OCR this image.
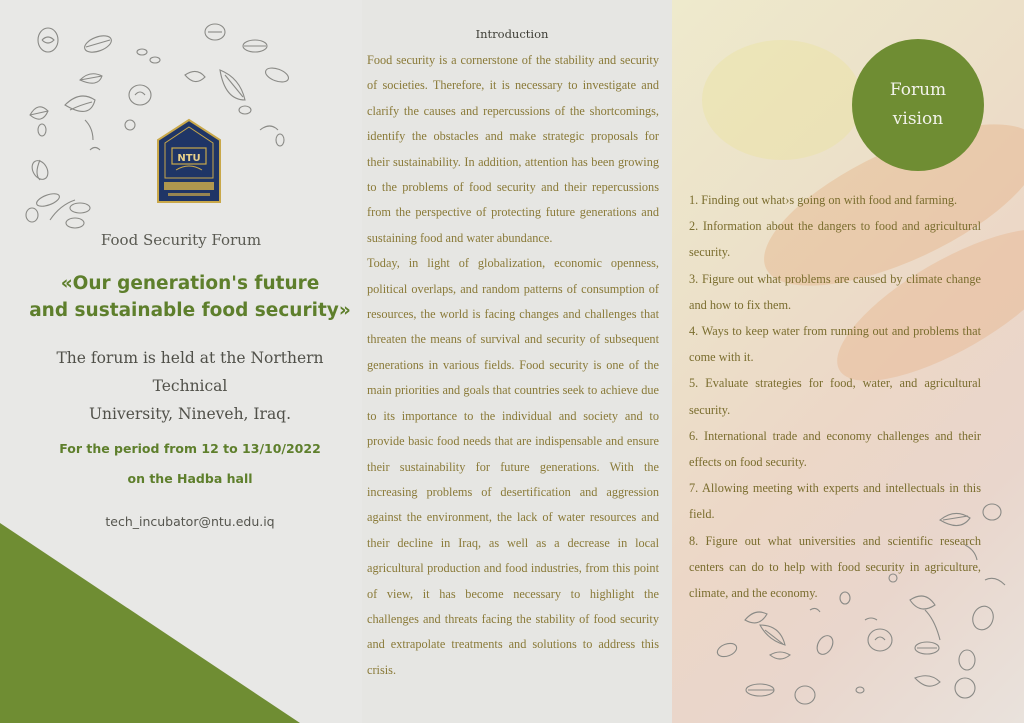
NTU
Food Security Forum
«Our generation's future
and sustainable food security»
The forum is held at the Northern Technical
University, Nineveh, Iraq.
For the period from 12 to 13/10/2022
on the Hadba hall
tech_incubator@ntu.edu.iq
Introduction

Food security is a cornerstone of the stability and security of societies. Therefore, it is necessary to investigate and clarify the causes and repercussions of the shortcomings, identify the obstacles and make strategic proposals for their sustainability. In addition, attention has been growing to the problems of food security and their repercussions from the perspective of protecting future generations and sustaining food and water abundance.

Today, in light of globalization, economic openness, political overlaps, and random patterns of consumption of resources, the world is facing changes and challenges that threaten the means of survival and security of subsequent generations in various fields. Food security is one of the main priorities and goals that countries seek to achieve due to its importance to the individual and society and to provide basic food needs that are indispensable and ensure their sustainability for future generations. With the increasing problems of desertification and aggression against the environment, the lack of water resources and their decline in Iraq, as well as a decrease in local agricultural production and food industries, from this point of view, it has become necessary to highlight the challenges and threats facing the stability of food security and extrapolate treatments and solutions to address this crisis.

Forum
vision
1. Finding out what›s going on with food and farming.
2. Information about the dangers to food and agricultural security.
3. Figure out what problems are caused by climate change and how to fix them.
4. Ways to keep water from running out and problems that come with it.
5. Evaluate strategies for food, water, and agricultural security.
6. International trade and economy challenges and their effects on food security.
7. Allowing meeting with experts and intellectuals in this field.
8. Figure out what universities and scientific research centers can do to help with food security in agriculture, climate, and the economy.
